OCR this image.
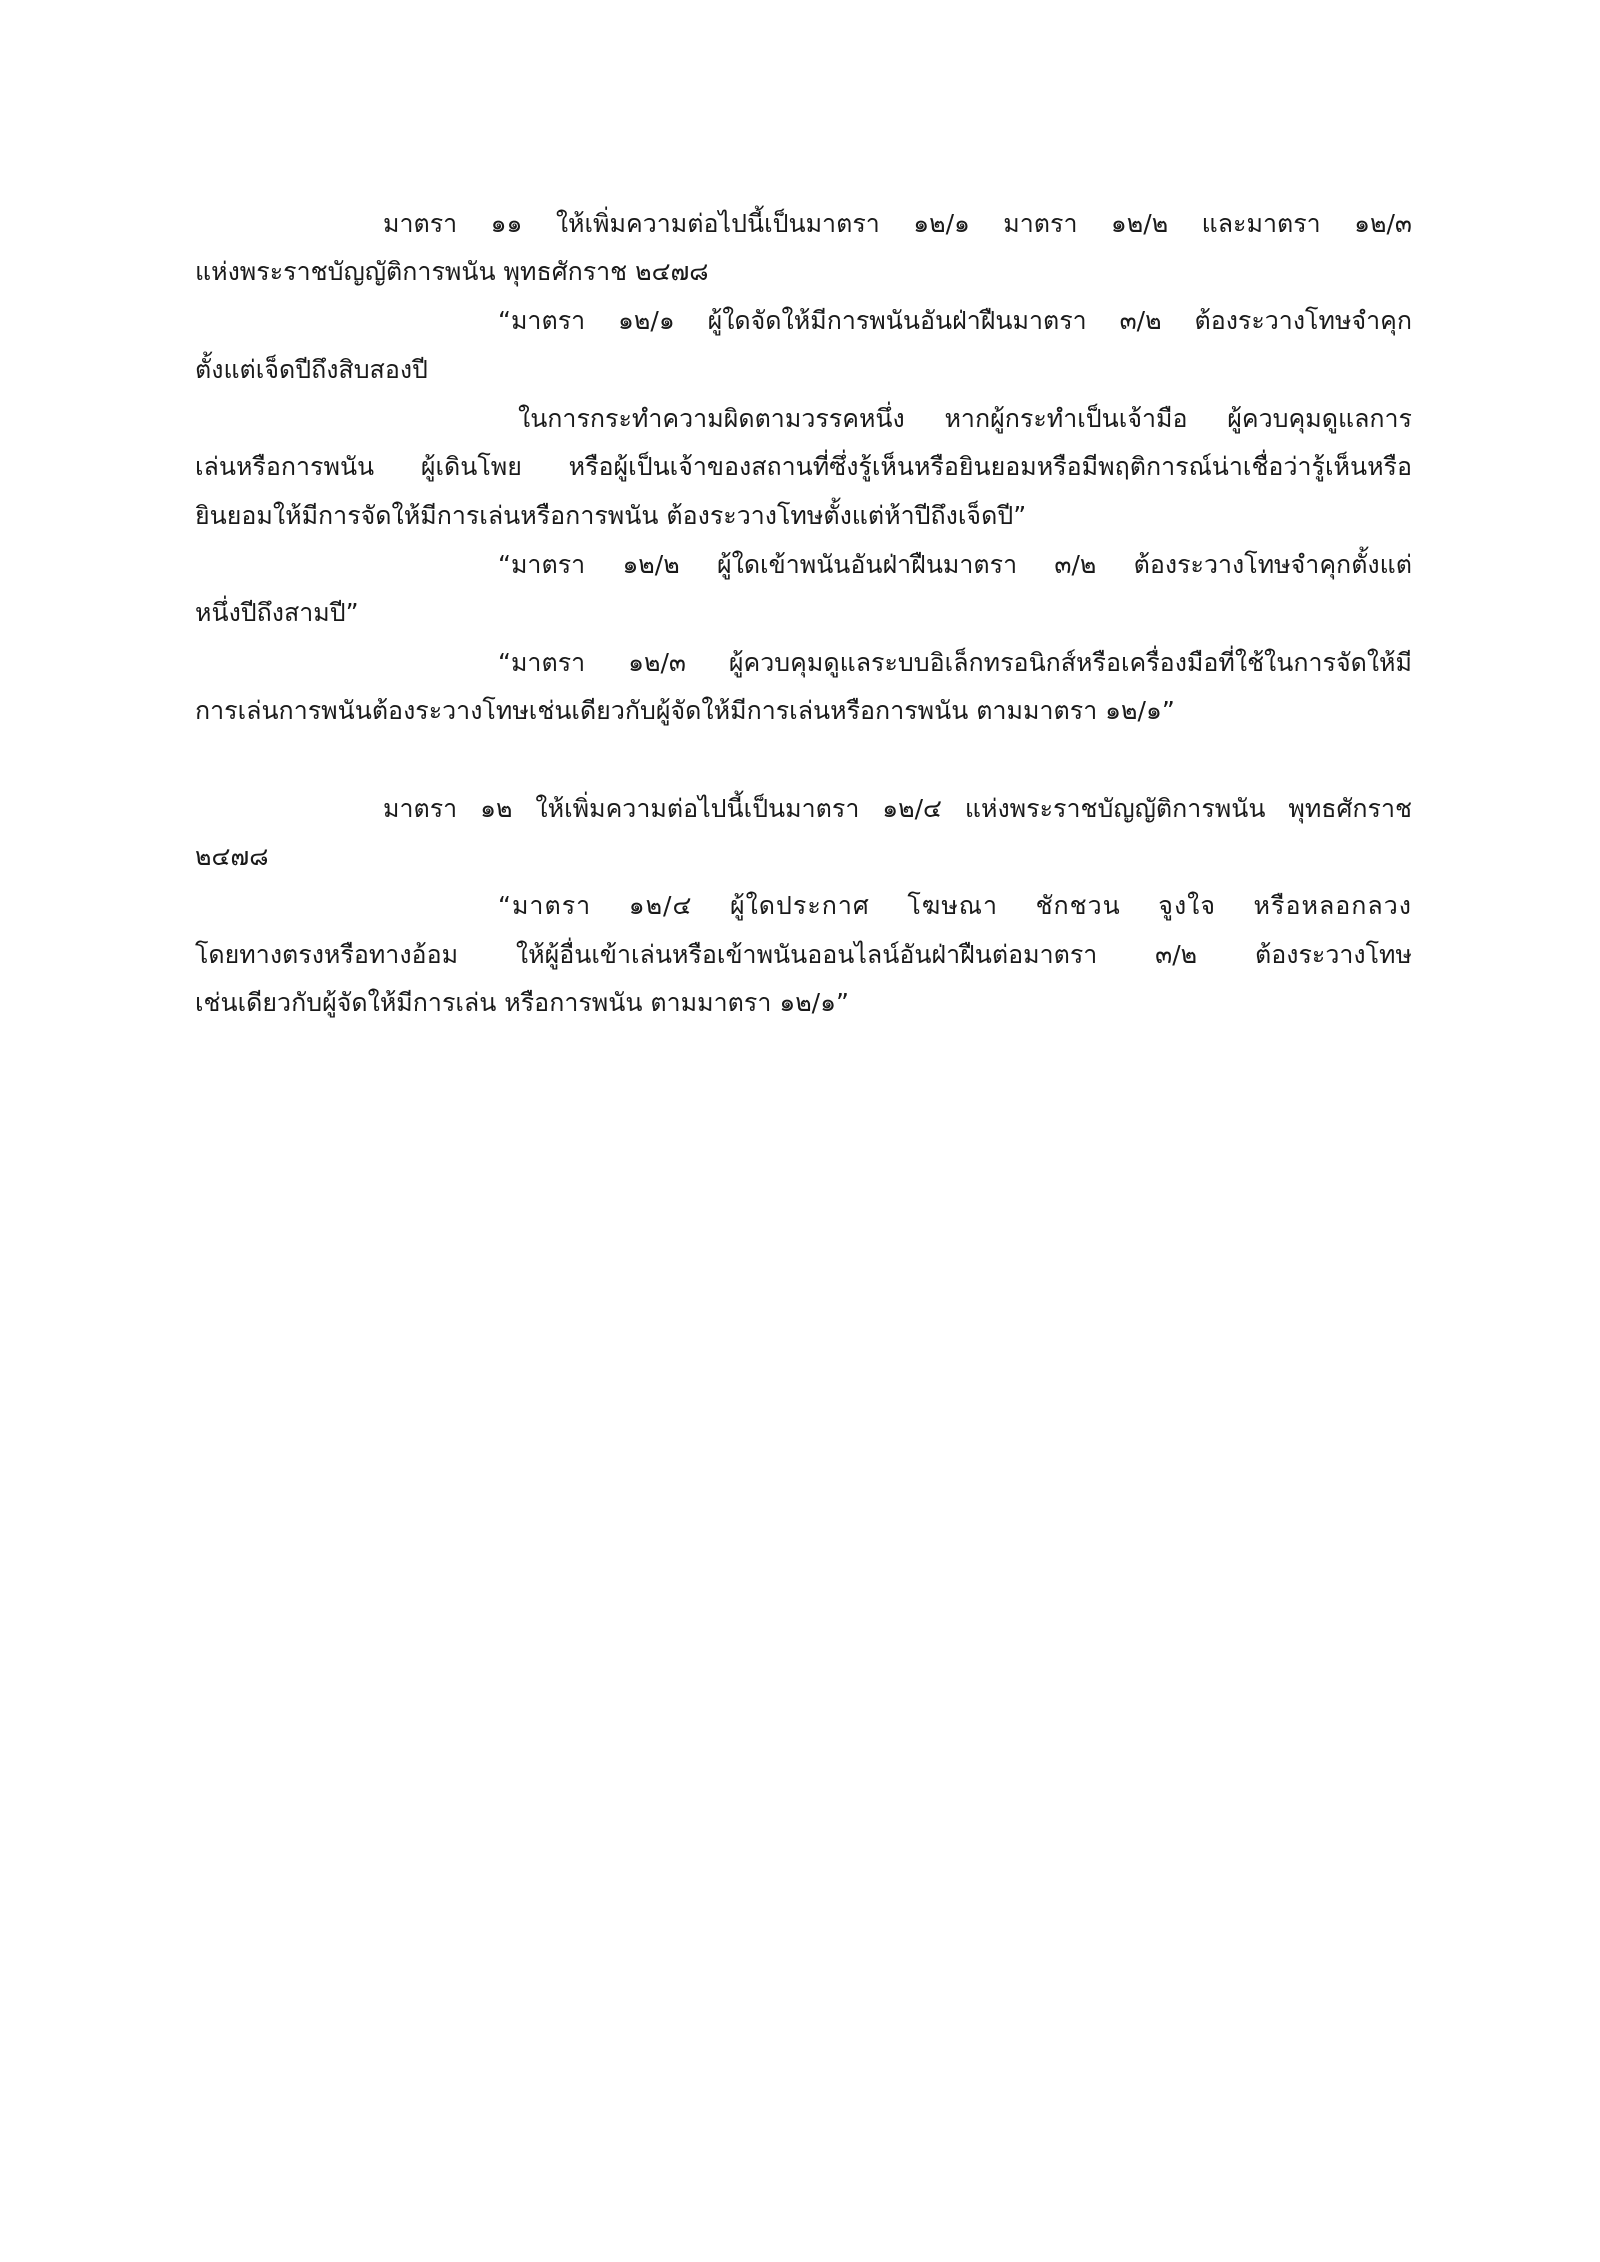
มาตรา ๑๑ ให้เพิ่มความต่อไปนี้เป็นมาตรา ๑๒/๑ มาตรา ๑๒/๒ และมาตรา ๑๒/๓
แห่งพระราชบัญญัติการพนัน พุทธศักราช ๒๔๗๘
“มาตรา ๑๒/๑ ผู้ใดจัดให้มีการพนันอันฝ่าฝืนมาตรา ๓/๒ ต้องระวางโทษจำคุก
ตั้งแต่เจ็ดปีถึงสิบสองปี
ในการกระทำความผิดตามวรรคหนึ่ง หากผู้กระทำเป็นเจ้ามือ ผู้ควบคุมดูแลการ
เล่นหรือการพนัน ผู้เดินโพย หรือผู้เป็นเจ้าของสถานที่ซึ่งรู้เห็นหรือยินยอมหรือมีพฤติการณ์น่าเชื่อว่ารู้เห็นหรือ
ยินยอมให้มีการจัดให้มีการเล่นหรือการพนัน ต้องระวางโทษตั้งแต่ห้าปีถึงเจ็ดปี”
“มาตรา ๑๒/๒ ผู้ใดเข้าพนันอันฝ่าฝืนมาตรา ๓/๒ ต้องระวางโทษจำคุกตั้งแต่
หนึ่งปีถึงสามปี”
“มาตรา ๑๒/๓ ผู้ควบคุมดูแลระบบอิเล็กทรอนิกส์หรือเครื่องมือที่ใช้ในการจัดให้มี
การเล่นการพนันต้องระวางโทษเช่นเดียวกับผู้จัดให้มีการเล่นหรือการพนัน ตามมาตรา ๑๒/๑”
มาตรา ๑๒ ให้เพิ่มความต่อไปนี้เป็นมาตรา ๑๒/๔ แห่งพระราชบัญญัติการพนัน พุทธศักราช
๒๔๗๘
“มาตรา ๑๒/๔ ผู้ใดประกาศ โฆษณา ชักชวน จูงใจ หรือหลอกลวง
โดยทางตรงหรือทางอ้อม ให้ผู้อื่นเข้าเล่นหรือเข้าพนันออนไลน์อันฝ่าฝืนต่อมาตรา ๓/๒ ต้องระวางโทษ
เช่นเดียวกับผู้จัดให้มีการเล่น หรือการพนัน ตามมาตรา ๑๒/๑”
